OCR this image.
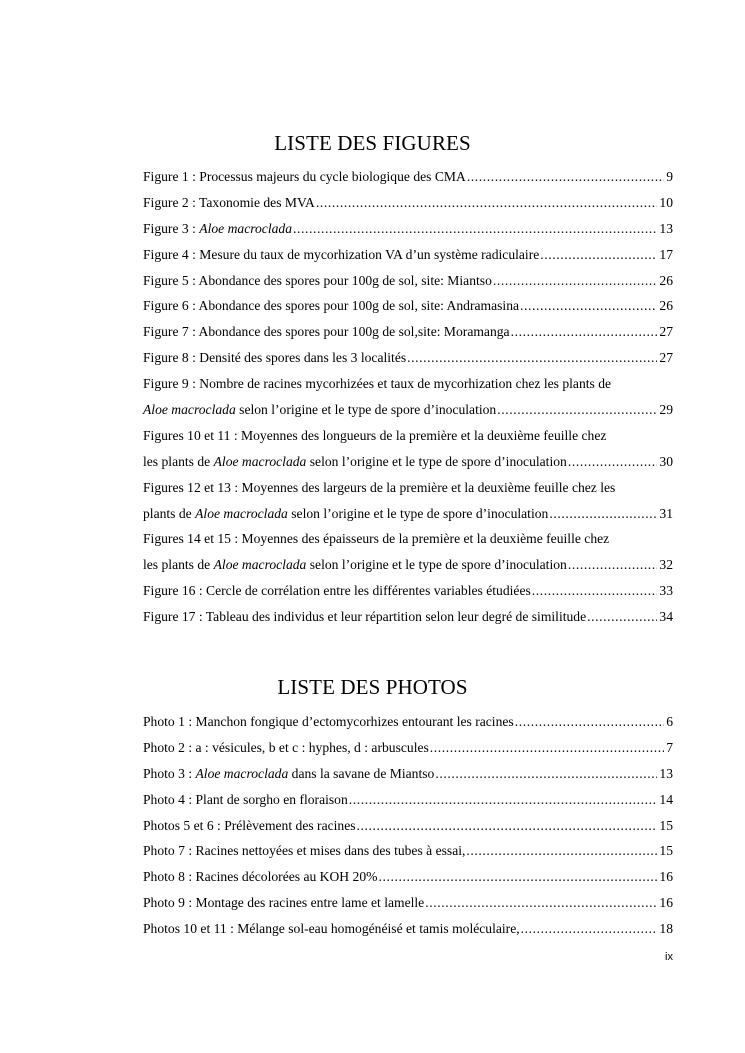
LISTE DES FIGURES
Figure 1 : Processus majeurs du cycle biologique des CMA .....	9
Figure 2 : Taxonomie des MVA .....	10
Figure 3 : Aloe macroclada .....	13
Figure 4 : Mesure du taux de mycorhization VA d’un système radiculaire .....	17
Figure 5 : Abondance des spores pour 100g de sol, site: Miantso .....	26
Figure 6 : Abondance des spores pour 100g de sol, site: Andramasina .....	26
Figure 7 : Abondance des spores pour 100g de sol,site: Moramanga .....	27
Figure 8 : Densité des spores dans les 3 localités .....	27
Figure 9 : Nombre de racines mycorhizées et taux de mycorhization chez les plants de
Aloe macroclada selon l’origine et le type de spore d’inoculation .....	29
Figures 10 et 11 : Moyennes des longueurs de la première et la deuxième feuille chez
les plants de Aloe macroclada selon l’origine et le type de spore d’inoculation .....	30
Figures 12 et 13 : Moyennes des largeurs de la première et la deuxième feuille chez les
plants de Aloe macroclada selon l’origine et le type de spore d’inoculation .....	31
Figures 14 et 15 : Moyennes des épaisseurs de la première et la deuxième feuille chez
les plants de Aloe macroclada selon l’origine et le type de spore d’inoculation .....	32
Figure 16 : Cercle de corrélation entre les différentes variables étudiées .....	33
Figure 17 : Tableau des individus et leur répartition selon leur degré de similitude .....	34
LISTE DES PHOTOS
Photo 1 : Manchon fongique d’ectomycorhizes entourant les racines .....	6
Photo 2 : a : vésicules, b et c : hyphes, d : arbuscules .....	7
Photo 3 : Aloe macroclada dans la savane de Miantso .....	13
Photo 4 : Plant de sorgho en floraison .....	14
Photos 5 et 6 : Prélèvement des racines .....	15
Photo 7 : Racines nettoyées et mises dans des tubes à essai, .....	15
Photo 8 : Racines décolorées au KOH 20% .....	16
Photo 9 : Montage des racines entre lame et lamelle .....	16
Photos 10 et 11 : Mélange sol-eau homogénéisé et tamis moléculaire, .....	18
ix
